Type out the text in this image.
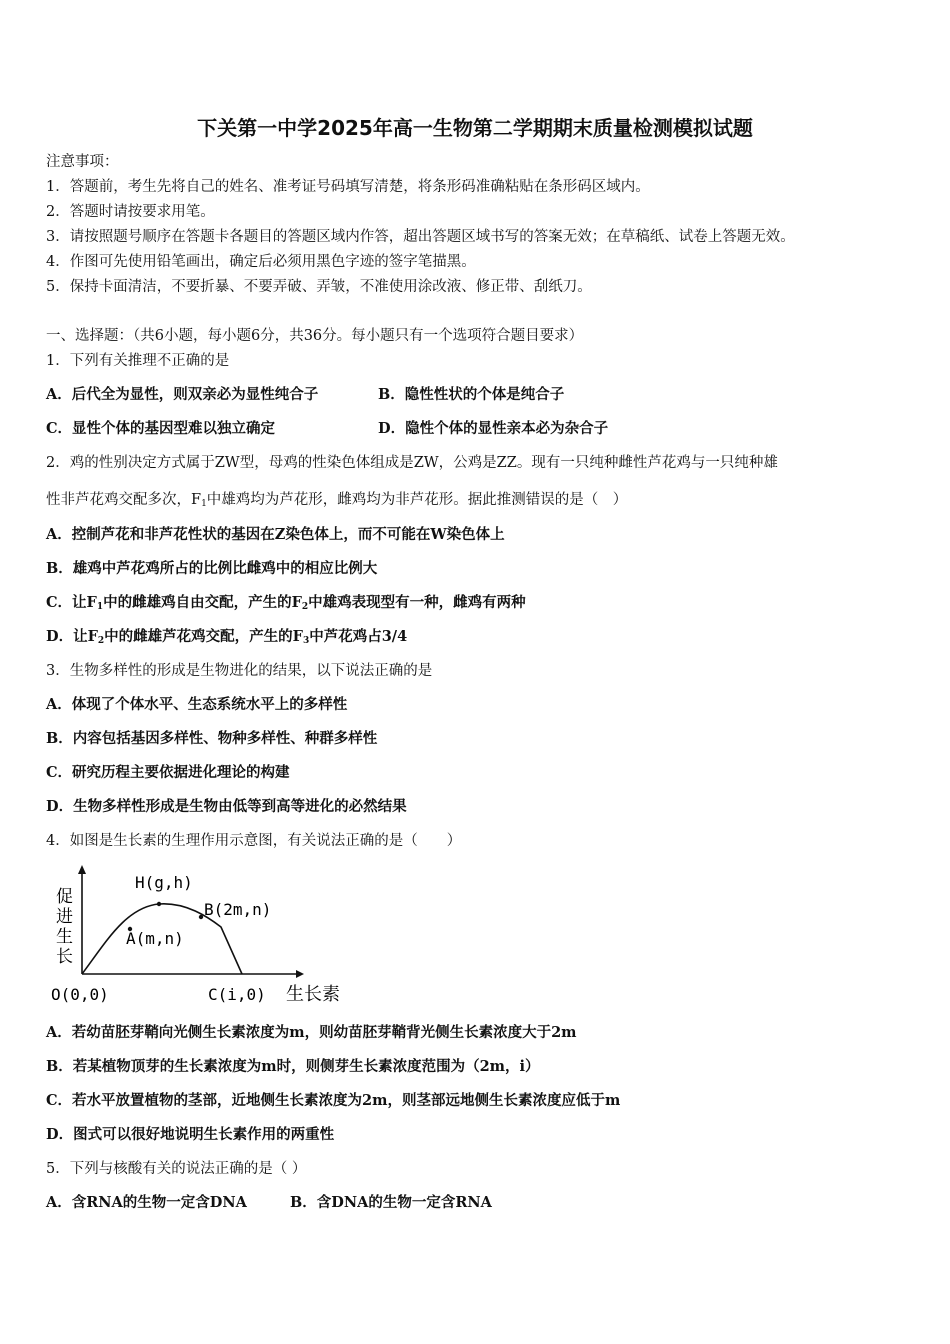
下关第一中学2025年高一生物第二学期期末质量检测模拟试题
注意事项：
1．答题前，考生先将自己的姓名、准考证号码填写清楚，将条形码准确粘贴在条形码区域内。
2．答题时请按要求用笔。
3．请按照题号顺序在答题卡各题目的答题区域内作答，超出答题区域书写的答案无效；在草稿纸、试卷上答题无效。
4．作图可先使用铅笔画出，确定后必须用黑色字迹的签字笔描黑。
5．保持卡面清洁，不要折暴、不要弄破、弄皱，不准使用涂改液、修正带、刮纸刀。
一、选择题：（共6小题，每小题6分，共36分。每小题只有一个选项符合题目要求）
1．下列有关推理不正确的是
A．后代全为显性，则双亲必为显性纯合子	B．隐性性状的个体是纯合子
C．显性个体的基因型难以独立确定	D．隐性个体的显性亲本必为杂合子
2．鸡的性别决定方式属于ZW型，母鸡的性染色体组成是ZW，公鸡是ZZ。现有一只纯种雌性芦花鸡与一只纯种雄
性非芦花鸡交配多次，$F_1$中雄鸡均为芦花形，雌鸡均为非芦花形。据此推测错误的是（　）
A．控制芦花和非芦花性状的基因在Z染色体上，而不可能在W染色体上
B．雄鸡中芦花鸡所占的比例比雌鸡中的相应比例大
C．让$F_1$中的雌雄鸡自由交配，产生的$F_2$中雄鸡表现型有一种，雌鸡有两种
D．让$F_2$中的雌雄芦花鸡交配，产生的$F_3$中芦花鸡占3/4
3．生物多样性的形成是生物进化的结果，以下说法正确的是
A．体现了个体水平、生态系统水平上的多样性
B．内容包括基因多样性、物种多样性、种群多样性
C．研究历程主要依据进化理论的构建
D．生物多样性形成是生物由低等到高等进化的必然结果
4．如图是生长素的生理作用示意图，有关说法正确的是（　　）
促
进
生
长
H(g,h)
B(2m,n)
A(m,n)
O(0,0)	C(i,0) 生长素
A．若幼苗胚芽鞘向光侧生长素浓度为m，则幼苗胚芽鞘背光侧生长素浓度大于2m
B．若某植物顶芽的生长素浓度为m时，则侧芽生长素浓度范围为（2m，i）
C．若水平放置植物的茎部，近地侧生长素浓度为2m，则茎部远地侧生长素浓度应低于m
D．图式可以很好地说明生长素作用的两重性
5．下列与核酸有关的说法正确的是（ ）
A．含RNA的生物一定含DNA	B．含DNA的生物一定含RNA
